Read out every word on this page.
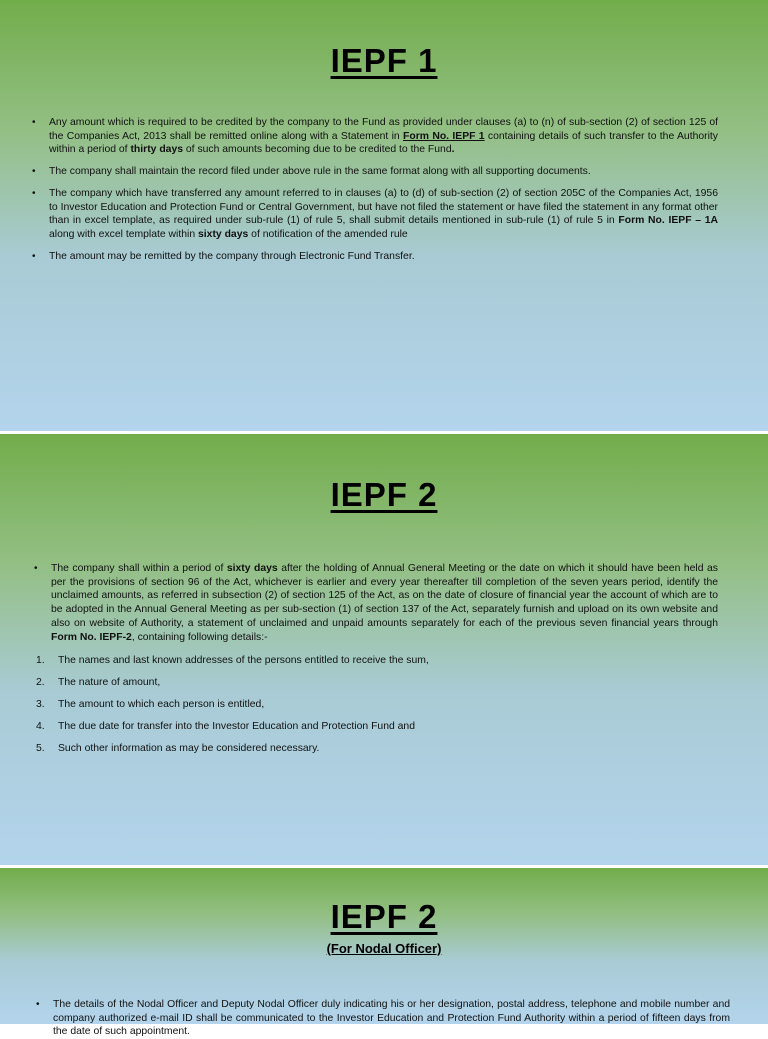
IEPF 1
• Any amount which is required to be credited by the company to the Fund as provided under clauses (a) to (n) of sub-section (2) of section 125 of the Companies Act, 2013 shall be remitted online along with a Statement in Form No. IEPF 1 containing details of such transfer to the Authority within a period of thirty days of such amounts becoming due to be credited to the Fund.
• The company shall maintain the record filed under above rule in the same format along with all supporting documents.
• The company which have transferred any amount referred to in clauses (a) to (d) of sub-section (2) of section 205C of the Companies Act, 1956 to Investor Education and Protection Fund or Central Government, but have not filed the statement or have filed the statement in any format other than in excel template, as required under sub-rule (1) of rule 5, shall submit details mentioned in sub-rule (1) of rule 5 in Form No. IEPF – 1A along with excel template within sixty days of notification of the amended rule
• The amount may be remitted by the company through Electronic Fund Transfer.
IEPF 2
• The company shall within a period of sixty days after the holding of Annual General Meeting or the date on which it should have been held as per the provisions of section 96 of the Act, whichever is earlier and every year thereafter till completion of the seven years period, identify the unclaimed amounts, as referred in subsection (2) of section 125 of the Act, as on the date of closure of financial year the account of which are to be adopted in the Annual General Meeting as per sub-section (1) of section 137 of the Act, separately furnish and upload on its own website and also on website of Authority, a statement of unclaimed and unpaid amounts separately for each of the previous seven financial years through Form No. IEPF-2, containing following details:-
1. The names and last known addresses of the persons entitled to receive the sum,
2. The nature of amount,
3. The amount to which each person is entitled,
4. The due date for transfer into the Investor Education and Protection Fund and
5. Such other information as may be considered necessary.
IEPF 2
(For Nodal Officer)
• The details of the Nodal Officer and Deputy Nodal Officer duly indicating his or her designation, postal address, telephone and mobile number and company authorized e-mail ID shall be communicated to the Investor Education and Protection Fund Authority within a period of fifteen days from the date of such appointment.
